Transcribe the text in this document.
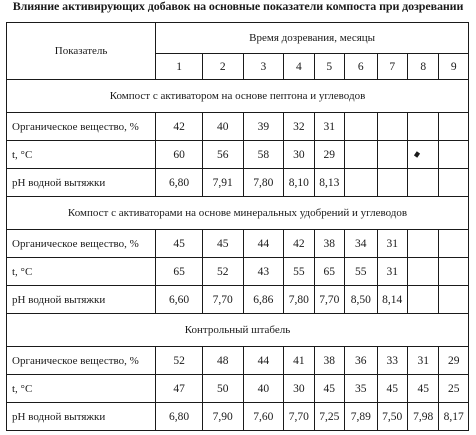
Влияние активирующих добавок на основные показатели компоста при дозревании
Показатель	Время дозревания, месяцы								
	1	2	3	4	5	6	7	8	9
Компост с активатором на основе пептона и углеводов									
Органическое вещество, %	42	40	39	32	31				
t, °C	60	56	58	30	29				
pH водной вытяжки	6,80	7,91	7,80	8,10	8,13				
Компост с активаторами на основе минеральных удобрений и углеводов									
Органическое вещество, %	45	45	44	42	38	34	31		
t, °C	65	52	43	55	65	55	31		
pH водной вытяжки	6,60	7,70	6,86	7,80	7,70	8,50	8,14		
Контрольный штабель									
Органическое вещество, %	52	48	44	41	38	36	33	31	29
t, °C	47	50	40	30	45	35	45	45	25
pH водной вытяжки	6,80	7,90	7,60	7,70	7,25	7,89	7,50	7,98	8,17
